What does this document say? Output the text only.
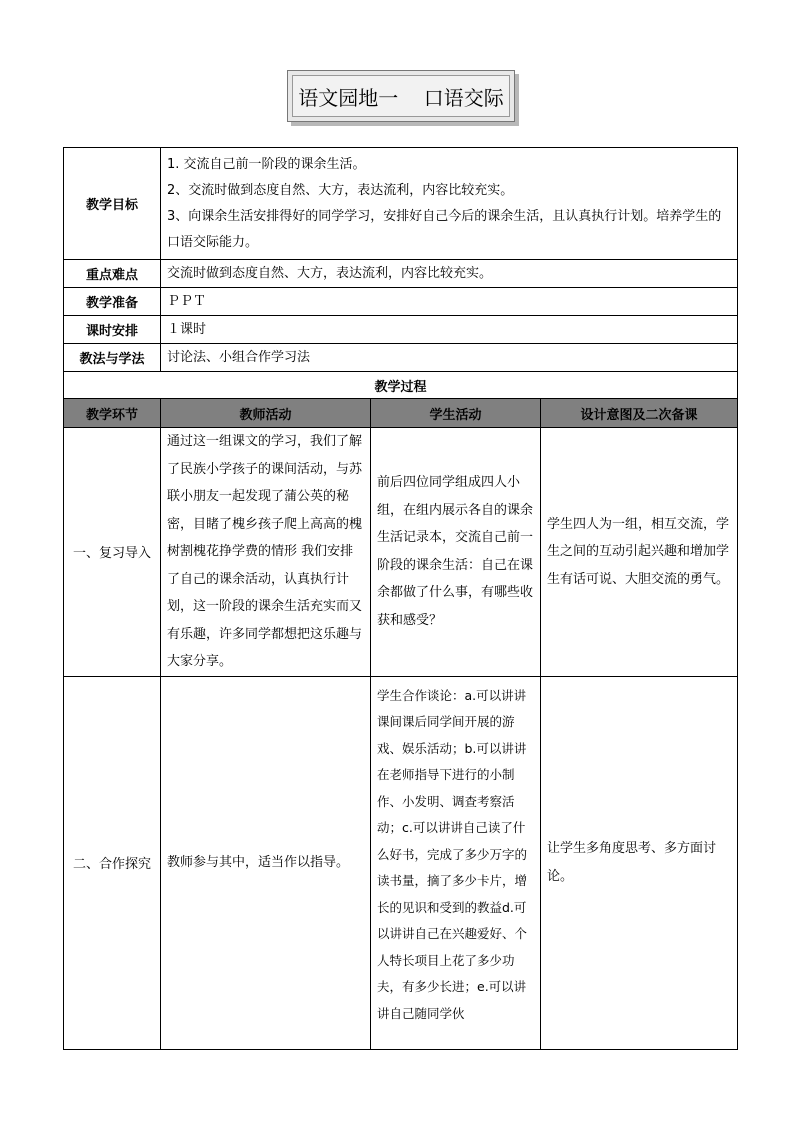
语文园地一    口语交际
教学目标	1. 交流自己前一阶段的课余生活。
2、交流时做到态度自然、大方，表达流利，内容比较充实。
3、向课余生活安排得好的同学学习，安排好自己今后的课余生活，且认真执行计划。培养学生的口语交际能力。		

重点难点	交流时做到态度自然、大方，表达流利，内容比较充实。		
教学准备	ＰＰＴ		
课时安排	１课时		
教法与学法	讨论法、小组合作学习法		
教学过程			
教学环节	教师活动	学生活动	设计意图及二次备课
一、复习导入	通过这一组课文的学习，我们了解了民族小学孩子的课间活动，与苏联小朋友一起发现了蒲公英的秘密，目睹了槐乡孩子爬上高高的槐树割槐花挣学费的情形 我们安排了自己的课余活动，认真执行计划，这一阶段的课余生活充实而又有乐趣，许多同学都想把这乐趣与大家分享。	前后四位同学组成四人小组，在组内展示各自的课余生活记录本，交流自己前一阶段的课余生活：自己在课余都做了什么事，有哪些收获和感受？	学生四人为一组，相互交流，学生之间的互动引起兴趣和增加学生有话可说、大胆交流的勇气。
二、合作探究	教师参与其中，适当作以指导。	学生合作谈论：a.可以讲讲课间课后同学间开展的游戏、娱乐活动；b.可以讲讲在老师指导下进行的小制作、小发明、调查考察活动；c.可以讲讲自己读了什么好书，完成了多少万字的读书量，摘了多少卡片，增长的见识和受到的教益d.可以讲讲自己在兴趣爱好、个人特长项目上花了多少功夫，有多少长进；e.可以讲讲自己随同学伙	让学生多角度思考、多方面讨论。
